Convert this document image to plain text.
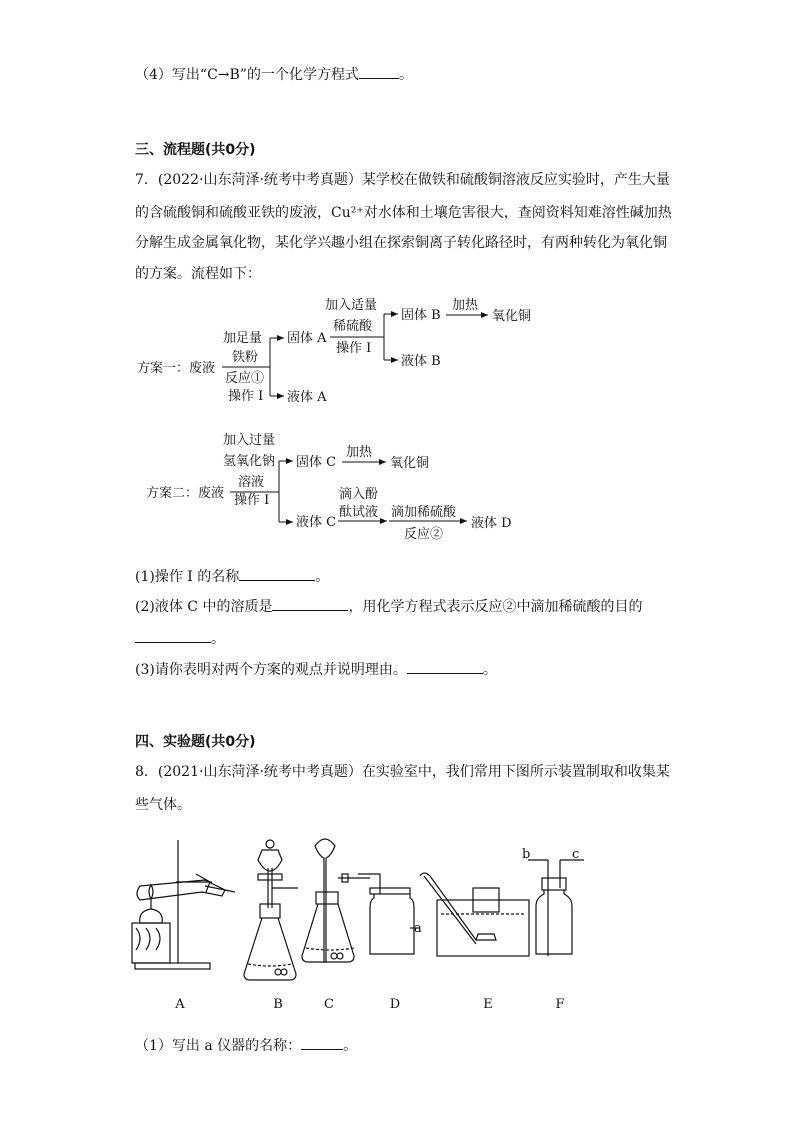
（4）写出“C→B”的一个化学方程式	。
三、流程题(共0分)
7．(2022·山东菏泽·统考中考真题）某学校在做铁和硫酸铜溶液反应实验时，产生大量
的含硫酸铜和硫酸亚铁的废液，Cu²⁺对水体和土壤危害很大，查阅资料知难溶性碱加热
分解生成金属氧化物，某化学兴趣小组在探索铜离子转化路径时，有两种转化为氧化铜
的方案。流程如下：
方案一：废液
加足量
铁粉
反应①
操作 I
固体 A
液体 A
加入适量
稀硫酸
操作 I
固体 B
液体 B
加热
氧化铜
方案二：废液
加入过量
氢氧化钠
溶液
操作 I
固体 C
液体 C
加热
氧化铜
滴入酚
酞试液 滴加稀硫酸
反应②
液体 D
(1)操作 I 的名称	。
(2)液体 C 中的溶质是	，用化学方程式表示反应②中滴加稀硫酸的目的
。
(3)请你表明对两个方案的观点并说明理由。	。
四、实验题(共0分)
8．(2021·山东菏泽·统考中考真题）在实验室中，我们常用下图所示装置制取和收集某
些气体。
a
b	c
A	B	C	D	E	F
（1）写出 a 仪器的名称：	。
